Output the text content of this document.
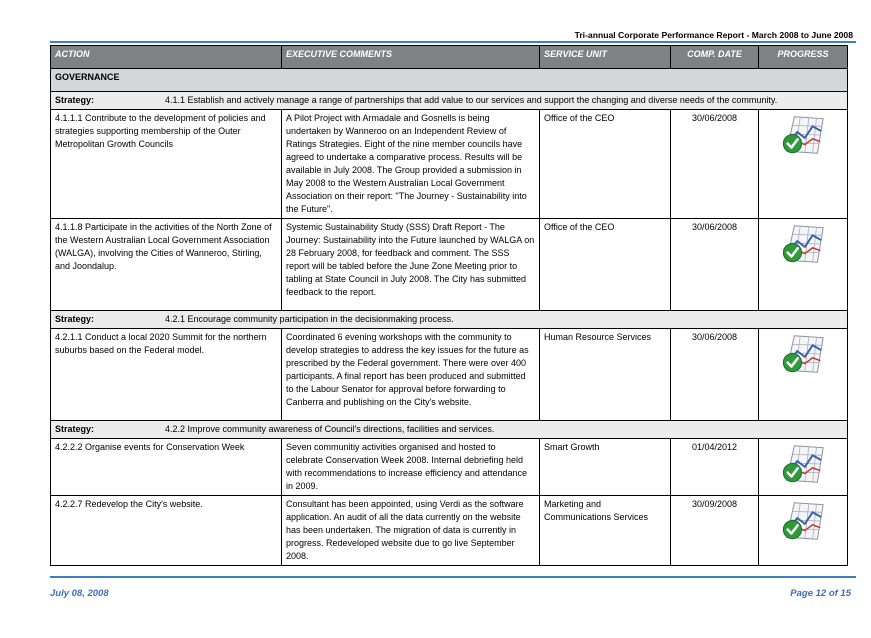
Tri-annual Corporate Performance Report - March 2008 to June 2008
ACTION	EXECUTIVE COMMENTS	SERVICE UNIT	COMP. DATE	PROGRESS
GOVERNANCE				

Strategy: 4.1.1 Establish and actively manage a range of partnerships that add value to our services and support the changing and diverse needs of the community.				

4.1.1.1 Contribute to the development of policies and strategies supporting membership of the Outer Metropolitan Growth Councils	A Pilot Project with Armadale and Gosnells is being undertaken by Wanneroo on an Independent Review of Ratings Strategies. Eight of the nine member councils have agreed to undertake a comparative process. Results will be available in July 2008. The Group provided a submission in May 2008 to the Western Australian Local Government Association on their report: "The Journey - Sustainability into the Future".	Office of the CEO	30/06/2008	
4.1.1.8 Participate in the activities of the North Zone of the Western Australian Local Government Association (WALGA), involving the Cities of Wanneroo, Stirling, and Joondalup.	Systemic Sustainability Study (SSS) Draft Report - The Journey: Sustainability into the Future launched by WALGA on 28 February 2008, for feedback and comment. The SSS report will be tabled before the June Zone Meeting prior to tabling at State Council in July 2008. The City has submitted feedback to the report.	Office of the CEO	30/06/2008	

Strategy: 4.2.1 Encourage community participation in the decisionmaking process.				

4.2.1.1 Conduct a local 2020 Summit for the northern suburbs based on the Federal model.	Coordinated 6 evening workshops with the community to develop strategies to address the key issues for the future as prescribed by the Federal government. There were over 400 participants. A final report has been produced and submitted to the Labour Senator for approval before forwarding to Canberra and publishing on the City's website.	Human Resource Services	30/06/2008	

Strategy: 4.2.2 Improve community awareness of Council's directions, facilities and services.				

4.2.2.2 Organise events for Conservation Week	Seven communitiy activities organised and hosted to celebrate Conservation Week 2008. Internal debriefing held with recommendations to increase efficiency and attendance in 2009.	Smart Growth	01/04/2012	
4.2.2.7 Redevelop the City's website.	Consultant has been appointed, using Verdi as the software application. An audit of all the data currently on the website has been undertaken. The migration of data is currently in progress. Redeveloped website due to go live September 2008.	Marketing and Communications Services	30/09/2008	
July 08, 2008	Page 12 of 15
